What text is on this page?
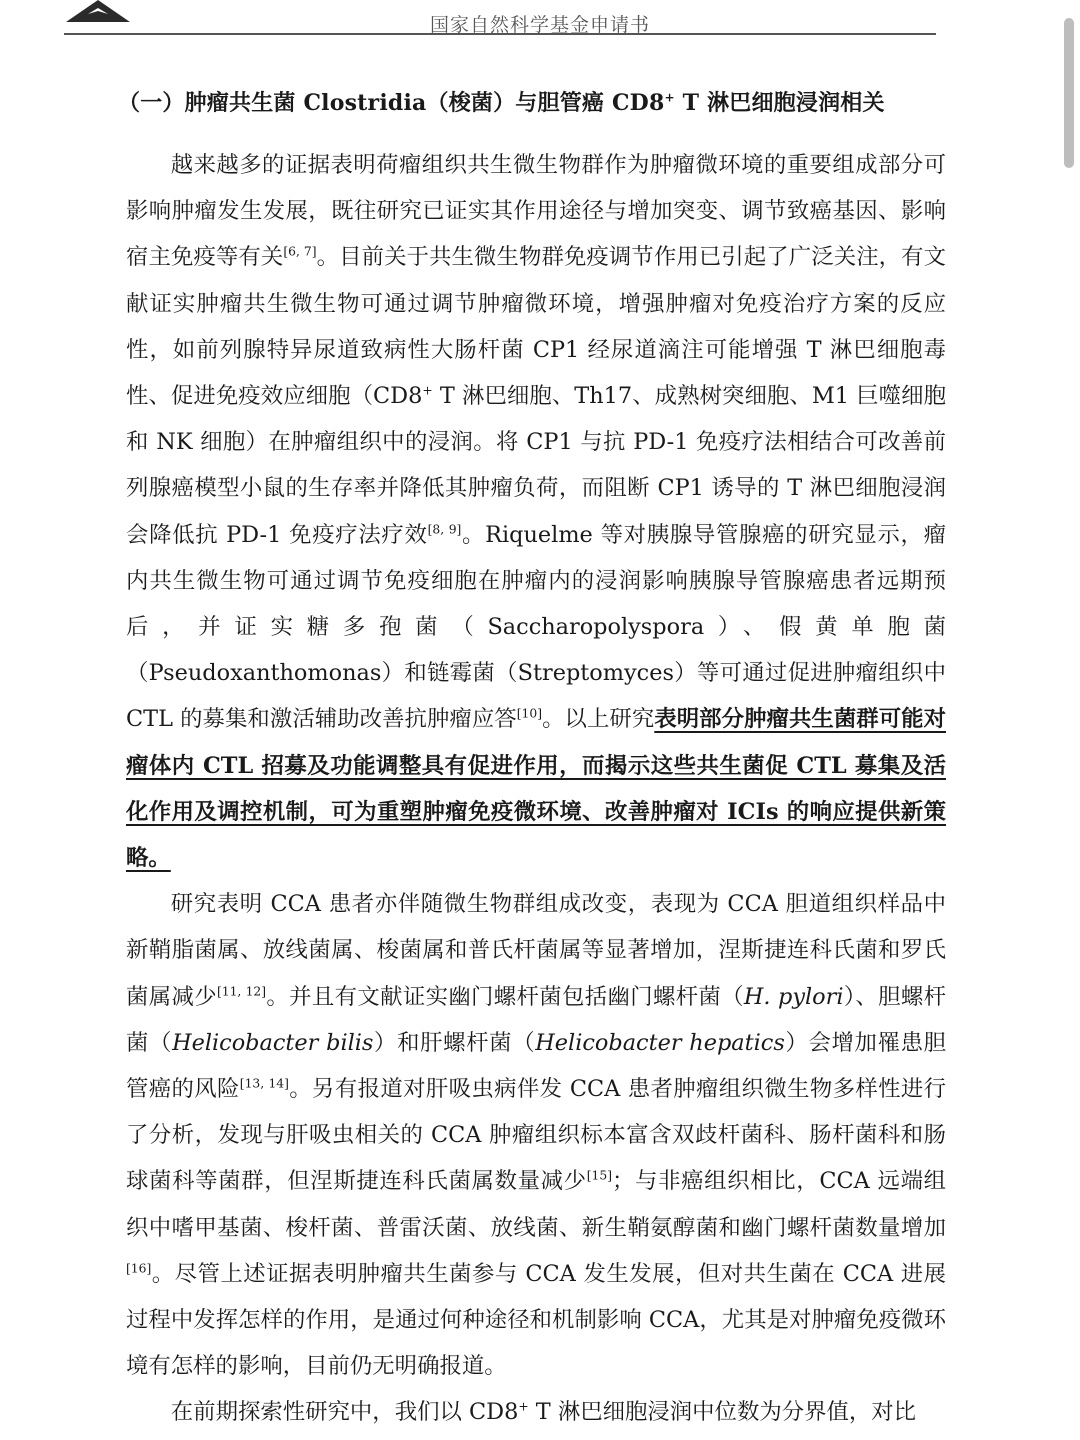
国家自然科学基金申请书
（一）肿瘤共生菌 Clostridia（梭菌）与胆管癌 CD8+ T 淋巴细胞浸润相关

越来越多的证据表明荷瘤组织共生微生物群作为肿瘤微环境的重要组成部分可影响肿瘤发生发展，既往研究已证实其作用途径与增加突变、调节致癌基因、影响宿主免疫等有关[6, 7]。目前关于共生微生物群免疫调节作用已引起了广泛关注，有文献证实肿瘤共生微生物可通过调节肿瘤微环境，增强肿瘤对免疫治疗方案的反应性，如前列腺特异尿道致病性大肠杆菌 CP1 经尿道滴注可能增强 T 淋巴细胞毒性、促进免疫效应细胞（CD8+ T 淋巴细胞、Th17、成熟树突细胞、M1 巨噬细胞和 NK 细胞）在肿瘤组织中的浸润。将 CP1 与抗 PD-1 免疫疗法相结合可改善前列腺癌模型小鼠的生存率并降低其肿瘤负荷，而阻断 CP1 诱导的 T 淋巴细胞浸润会降低抗 PD-1 免疫疗法疗效[8, 9]。Riquelme 等对胰腺导管腺癌的研究显示，瘤内共生微生物可通过调节免疫细胞在肿瘤内的浸润影响胰腺导管腺癌患者远期预后，并证实糖多孢菌（Saccharopolyspora）、假黄单胞菌（Pseudoxanthomonas）和链霉菌（Streptomyces）等可通过促进肿瘤组织中 CTL 的募集和激活辅助改善抗肿瘤应答[10]。以上研究表明部分肿瘤共生菌群可能对瘤体内 CTL 招募及功能调整具有促进作用，而揭示这些共生菌促 CTL 募集及活化作用及调控机制，可为重塑肿瘤免疫微环境、改善肿瘤对 ICIs 的响应提供新策略。

研究表明 CCA 患者亦伴随微生物群组成改变，表现为 CCA 胆道组织样品中新鞘脂菌属、放线菌属、梭菌属和普氏杆菌属等显著增加，涅斯捷连科氏菌和罗氏菌属减少[11, 12]。并且有文献证实幽门螺杆菌包括幽门螺杆菌（H. pylori）、胆螺杆菌（Helicobacter bilis）和肝螺杆菌（Helicobacter hepatics）会增加罹患胆管癌的风险[13, 14]。另有报道对肝吸虫病伴发 CCA 患者肿瘤组织微生物多样性进行了分析，发现与肝吸虫相关的 CCA 肿瘤组织标本富含双歧杆菌科、肠杆菌科和肠球菌科等菌群，但涅斯捷连科氏菌属数量减少[15]；与非癌组织相比，CCA 远端组织中嗜甲基菌、梭杆菌、普雷沃菌、放线菌、新生鞘氨醇菌和幽门螺杆菌数量增加[16]。尽管上述证据表明肿瘤共生菌参与 CCA 发生发展，但对共生菌在 CCA 进展过程中发挥怎样的作用，是通过何种途径和机制影响 CCA，尤其是对肿瘤免疫微环境有怎样的影响，目前仍无明确报道。

在前期探索性研究中，我们以 CD8+ T 淋巴细胞浸润中位数为分界值，对比
